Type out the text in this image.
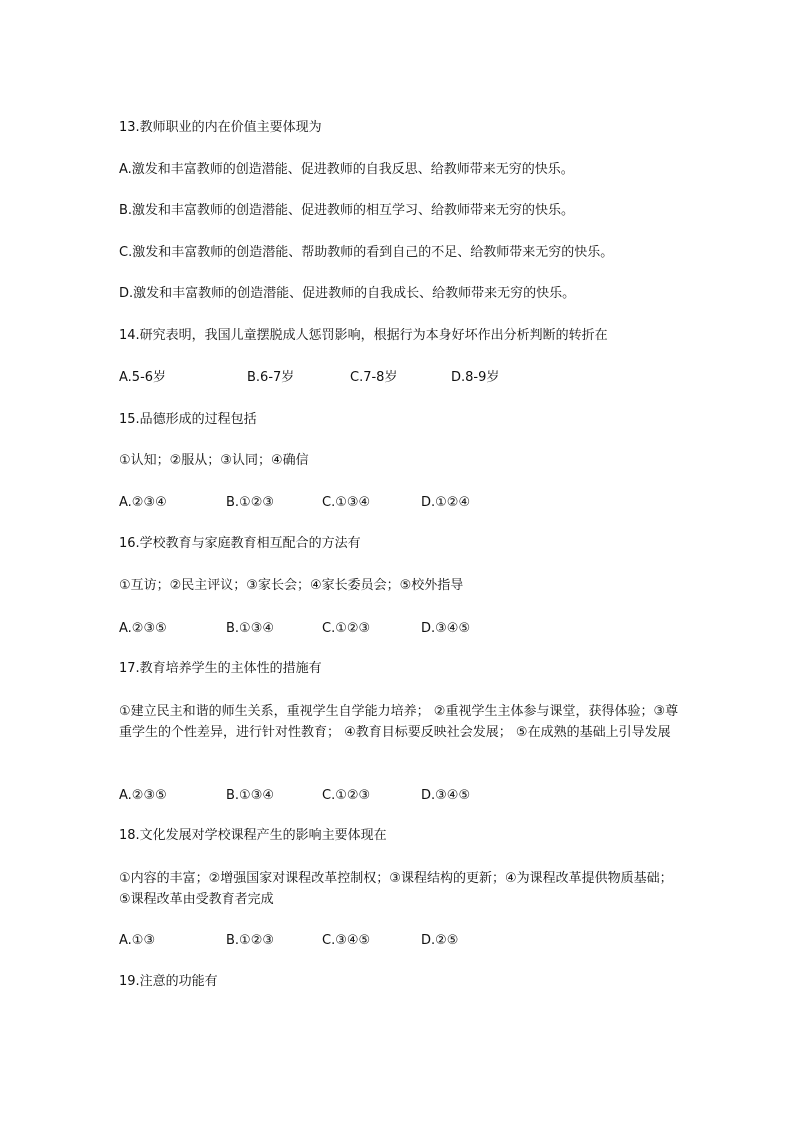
13.教师职业的内在价值主要体现为
A.激发和丰富教师的创造潜能、促进教师的自我反思、给教师带来无穷的快乐。
B.激发和丰富教师的创造潜能、促进教师的相互学习、给教师带来无穷的快乐。
C.激发和丰富教师的创造潜能、帮助教师的看到自己的不足、给教师带来无穷的快乐。
D.激发和丰富教师的创造潜能、促进教师的自我成长、给教师带来无穷的快乐。
14.研究表明，我国儿童摆脱成人惩罚影响，根据行为本身好坏作出分析判断的转折在
A.5-6岁	B.6-7岁	C.7-8岁	D.8-9岁
15.品德形成的过程包括
①认知；②服从；③认同；④确信
A.②③④	B.①②③	C.①③④	D.①②④
16.学校教育与家庭教育相互配合的方法有
①互访；②民主评议；③家长会；④家长委员会；⑤校外指导
A.②③⑤	B.①③④	C.①②③	D.③④⑤
17.教育培养学生的主体性的措施有
①建立民主和谐的师生关系，重视学生自学能力培养； ②重视学生主体参与课堂，获得体验；③尊重学生的个性差异，进行针对性教育； ④教育目标要反映社会发展； ⑤在成熟的基础上引导发展
A.②③⑤	B.①③④	C.①②③	D.③④⑤
18.文化发展对学校课程产生的影响主要体现在
①内容的丰富；②增强国家对课程改革控制权；③课程结构的更新；④为课程改革提供物质基础；⑤课程改革由受教育者完成
A.①③	B.①②③	C.③④⑤	D.②⑤
19.注意的功能有
